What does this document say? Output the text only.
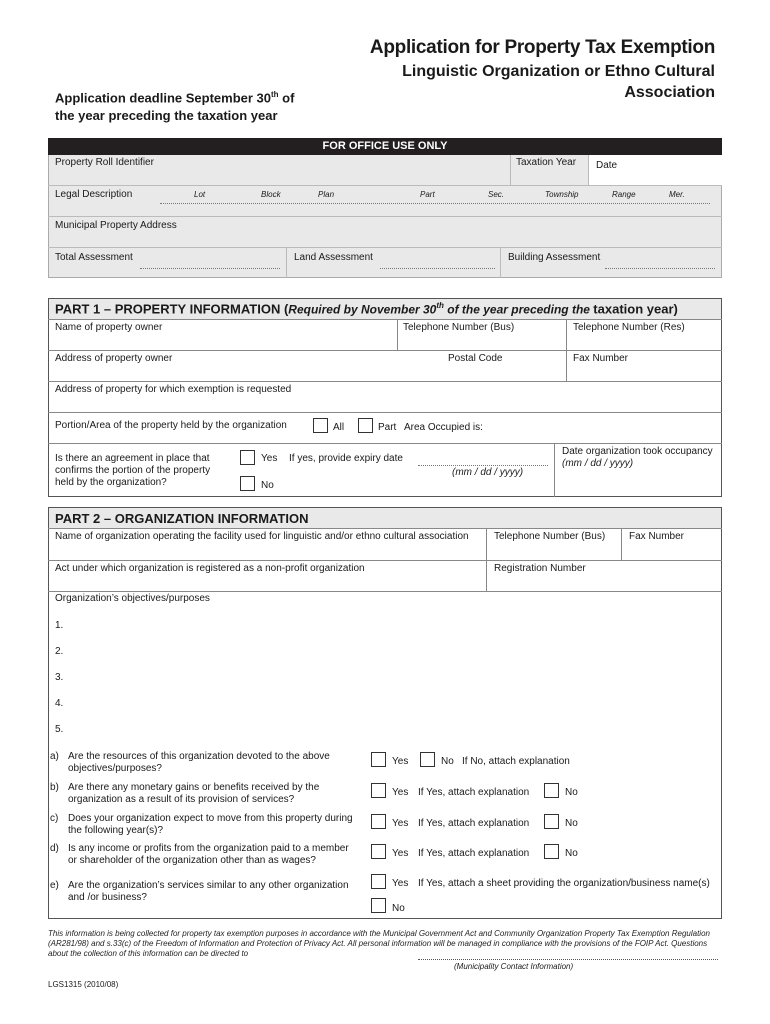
Application for Property Tax Exemption
Linguistic Organization or Ethno Cultural
Association
Application deadline September 30th of
the year preceding the taxation year
FOR OFFICE USE ONLY
Property Roll Identifier	Taxation Year Date
Legal Description	Lot	Block	Plan	Part	Sec.	Township	Range	Mer.
Municipal Property Address
Total Assessment	Land Assessment	Building Assessment
PART 1 – PROPERTY INFORMATION (Required by November 30th of the year preceding the taxation year)
Name of property owner	Telephone Number (Bus)	Telephone Number (Res)
Address of property owner	Postal Code	Fax Number
Address of property for which exemption is requested
Portion/Area of the property held by the organization	All	Part Area Occupied is:
Is there an agreement in place that confirms the portion of the property held by the organization?
Yes If yes, provide expiry date
No
(mm / dd / yyyy)
Date organization took occupancy
(mm / dd / yyyy)
PART 2 – ORGANIZATION INFORMATION
Name of organization operating the facility used for linguistic and/or ethno cultural association	Telephone Number (Bus) Fax Number
Act under which organization is registered as a non-profit organization	Registration Number
Organization’s objectives/purposes
1.
2.
3.
4.
5.
a) Are the resources of this organization devoted to the above objectives/purposes?
Yes	No If No, attach explanation
b) Are there any monetary gains or benefits received by the organization as a result of its provision of services?
Yes If Yes, attach explanation	No
c) Does your organization expect to move from this property during the following year(s)?
Yes If Yes, attach explanation	No
d) Is any income or profits from the organization paid to a member or shareholder of the organization other than as wages?
Yes If Yes, attach explanation	No
e) Are the organization’s services similar to any other organization and /or business?
Yes If Yes, attach a sheet providing the organization/business name(s)
No
This information is being collected for property tax exemption purposes in accordance with the Municipal Government Act and Community Organization Property Tax Exemption Regulation (AR281/98) and s.33(c) of the Freedom of Information and Protection of Privacy Act. All personal information will be managed in compliance with the provisions of the FOIP Act. Questions about the collection of this information can be directed to
(Municipality Contact Information)
LGS1315 (2010/08)
